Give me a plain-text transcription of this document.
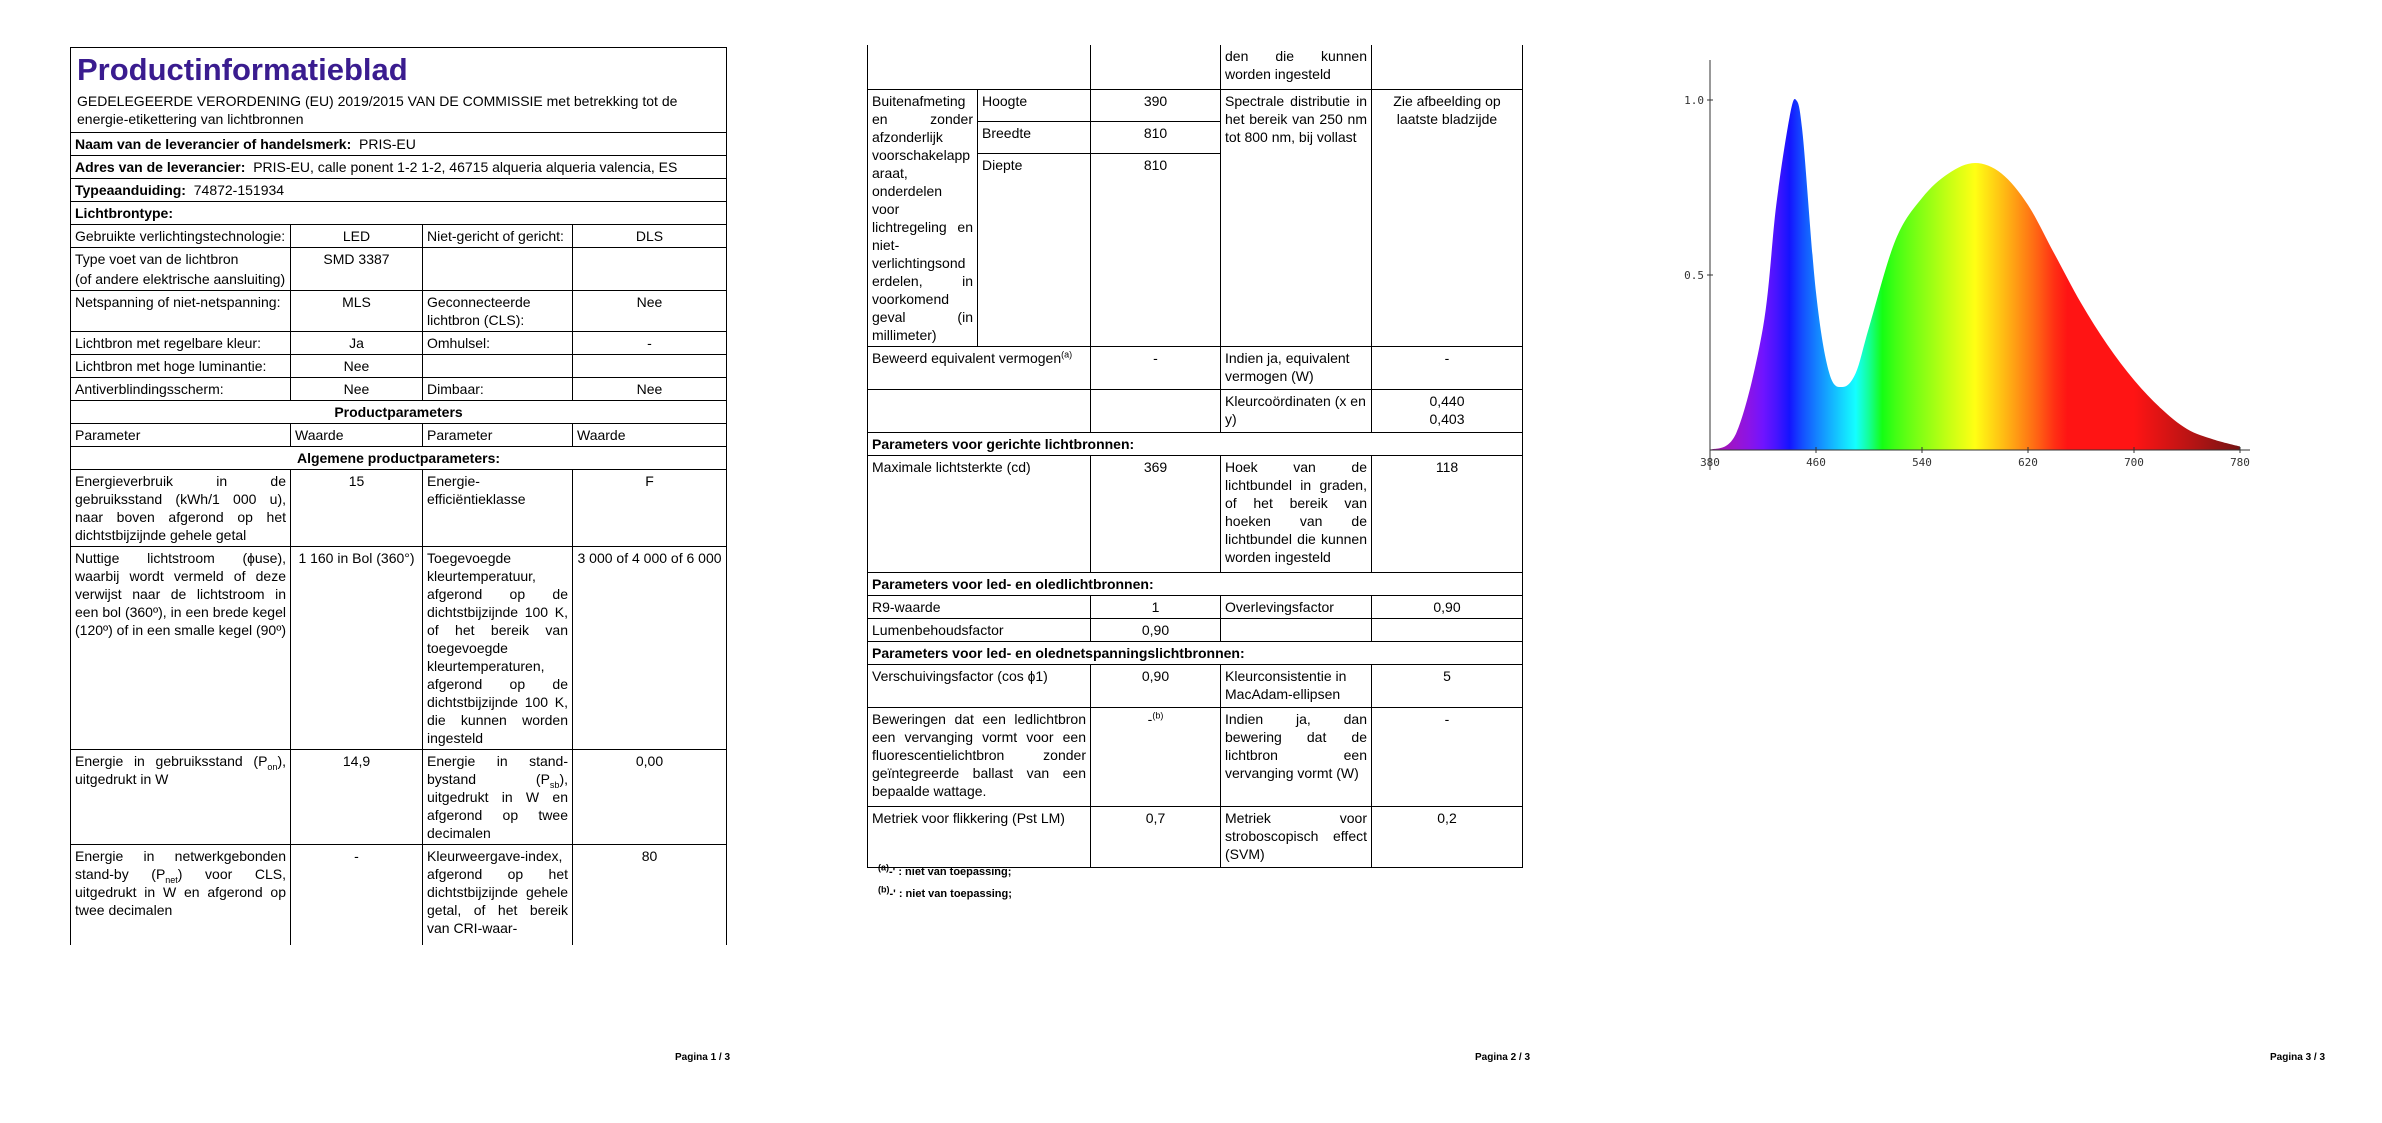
Productinformatieblad
GEDELEGEERDE VERORDENING (EU) 2019/2015 VAN DE COMMISSIE met betrekking tot de energie-etikettering van lichtbronnen			

Naam van de leverancier of handelsmerk: PRIS-EU			
Adres van de leverancier: PRIS-EU, calle ponent 1-2 1-2, 46715 alqueria alqueria valencia, ES			
Typeaanduiding: 74872-151934			
Lichtbrontype:			

Gebruikte verlichtingstechnologie:	LED	Niet-gericht of gericht:	DLS

Type voet van de lichtbron
(of andere elektrische aansluiting)	SMD 3387		

Netspanning of niet-netspanning:	MLS	Geconnecteerde lichtbron (CLS):	Nee

Lichtbron met regelbare kleur:	Ja	Omhulsel:	-

Lichtbron met hoge luminantie:	Nee		

Antiverblindingsscherm:	Nee	Dimbaar:	Nee
Productparameters			
Parameter	Waarde	Parameter	Waarde
Algemene productparameters:			
Energieverbruik in de gebruiksstand (kWh/1 000 u), naar boven afgerond op het dichtstbijzijnde gehele getal	15	Energie-efficiëntieklasse	F
Nuttige lichtstroom (ɸuse), waarbij wordt vermeld of deze verwijst naar de lichtstroom in een bol (360º), in een brede kegel (120º) of in een smalle kegel (90º)	1 160 in Bol (360°)	Toegevoegde kleurtemperatuur, afgerond op de dichtstbijzijnde 100 K, of het bereik van toegevoegde kleurtemperaturen, afgerond op de dichtstbijzijnde 100 K, die kunnen worden ingesteld	3 000 of 4 000 of 6 000
Energie in gebruiksstand $(P_{on})$, uitgedrukt in W	14,9	Energie in stand-bystand $(P_{sb})$, uitgedrukt in W en afgerond op twee decimalen	0,00
Energie in netwerkgebonden stand-by $(P_{net})$ voor CLS, uitgedrukt in W en afgerond op twee decimalen	-	Kleurweergave-index, afgerond op het dichtstbijzijnde gehele getal, of het bereik van CRI-waar-	80
Pagina 1 / 3
			den die kunnen worden ingesteld	
Buitenafmetingen zonder afzonderlijk voorschakelapparaat, onderdelen voor lichtregeling en niet-verlichtingsonderdelen, in voorkomend geval (in millimeter)	Hoogte	390	Spectrale distributie in het bereik van 250 nm tot 800 nm, bij vollast	Zie afbeelding op laatste bladzijde
	Breedte	810		
	Diepte	810		
Beweerd equivalent vermogen$^{(a)}$		-	Indien ja, equivalent vermogen (W)	-
			Kleurcoördinaten (x en y)	0,440
0,403

Parameters voor gerichte lichtbronnen:				
Maximale lichtsterkte (cd)		369	Hoek van de lichtbundel in graden, of het bereik van hoeken van de lichtbundel die kunnen worden ingesteld	118
Parameters voor led- en oledlichtbronnen:				
R9-waarde		1	Overlevingsfactor	0,90
Lumenbehoudsfactor		0,90		
Parameters voor led- en olednetspanningslichtbronnen:				
Verschuivingsfactor (cos ɸ1)		0,90	Kleurconsistentie in MacAdam-ellipsen	5
Beweringen dat een ledlichtbron een vervanging vormt voor een fluorescentielichtbron zonder geïntegreerde ballast van een bepaalde wattage.		-$^{(b)}$	Indien ja, dan bewering dat de lichtbron een vervanging vormt (W)	-
Metriek voor flikkering (Pst LM)		0,7	Metriek voor stroboscopisch effect (SVM)	0,2
$^{(a)}$-' : niet van toepassing;
$^{(b)}$-' : niet van toepassing;
Pagina 2 / 3
380	460	540	620	700	780
0.5
1.0
Pagina 3 / 3
